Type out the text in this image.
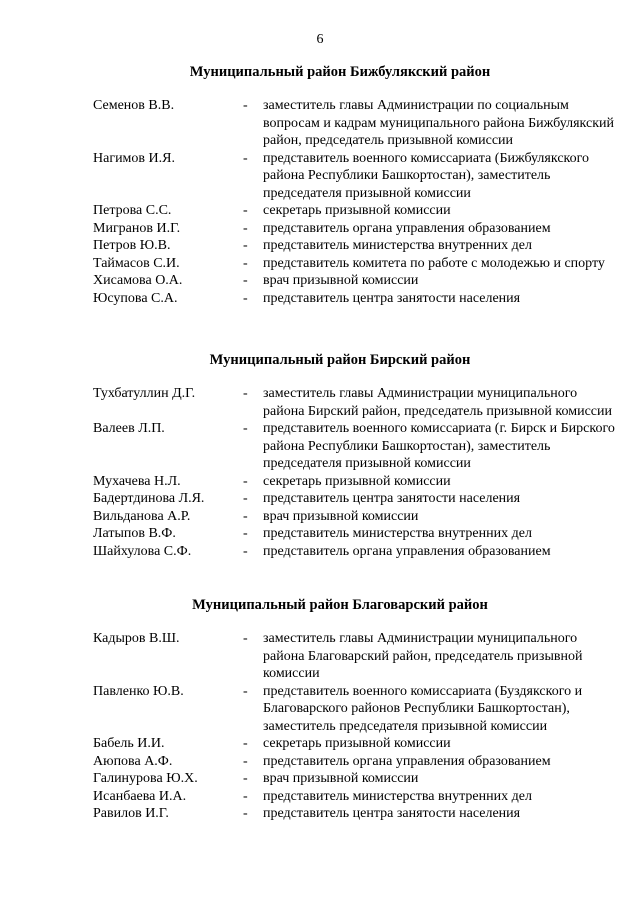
6
Муниципальный район Бижбулякский район
Семенов В.В.	-	заместитель главы Администрации по социальным вопросам и кадрам муниципального района Бижбулякский район, председатель призывной комиссии
Нагимов И.Я.	-	представитель военного комиссариата (Бижбулякского района Республики Башкортостан), заместитель председателя призывной комиссии
Петрова С.С.	-	секретарь призывной комиссии
Мигранов И.Г.	-	представитель органа управления образованием
Петров Ю.В.	-	представитель министерства внутренних дел
Таймасов С.И.	-	представитель комитета по работе с молодежью и спорту
Хисамова О.А.	-	врач призывной комиссии
Юсупова С.А.	-	представитель центра занятости населения
Муниципальный район Бирский район
Тухбатуллин Д.Г.	-	заместитель главы Администрации муниципального района Бирский район, председатель призывной комиссии
Валеев Л.П.	-	представитель военного комиссариата (г. Бирск и Бирского района Республики Башкортостан), заместитель председателя призывной комиссии
Мухачева Н.Л.	-	секретарь призывной комиссии
Бадертдинова Л.Я.	-	представитель центра занятости населения
Вильданова А.Р.	-	врач призывной комиссии
Латыпов В.Ф.	-	представитель министерства внутренних дел
Шайхулова С.Ф.	-	представитель органа управления образованием
Муниципальный район Благоварский район
Кадыров В.Ш.	-	заместитель главы Администрации муниципального района Благоварский район, председатель призывной комиссии
Павленко Ю.В.	-	представитель военного комиссариата (Буздякского и Благоварского районов Республики Башкортостан), заместитель председателя призывной комиссии
Бабель И.И.	-	секретарь призывной комиссии
Аюпова А.Ф.	-	представитель органа управления образованием
Галинурова Ю.Х.	-	врач призывной комиссии
Исанбаева И.А.	-	представитель министерства внутренних дел
Равилов И.Г.	-	представитель центра занятости населения
